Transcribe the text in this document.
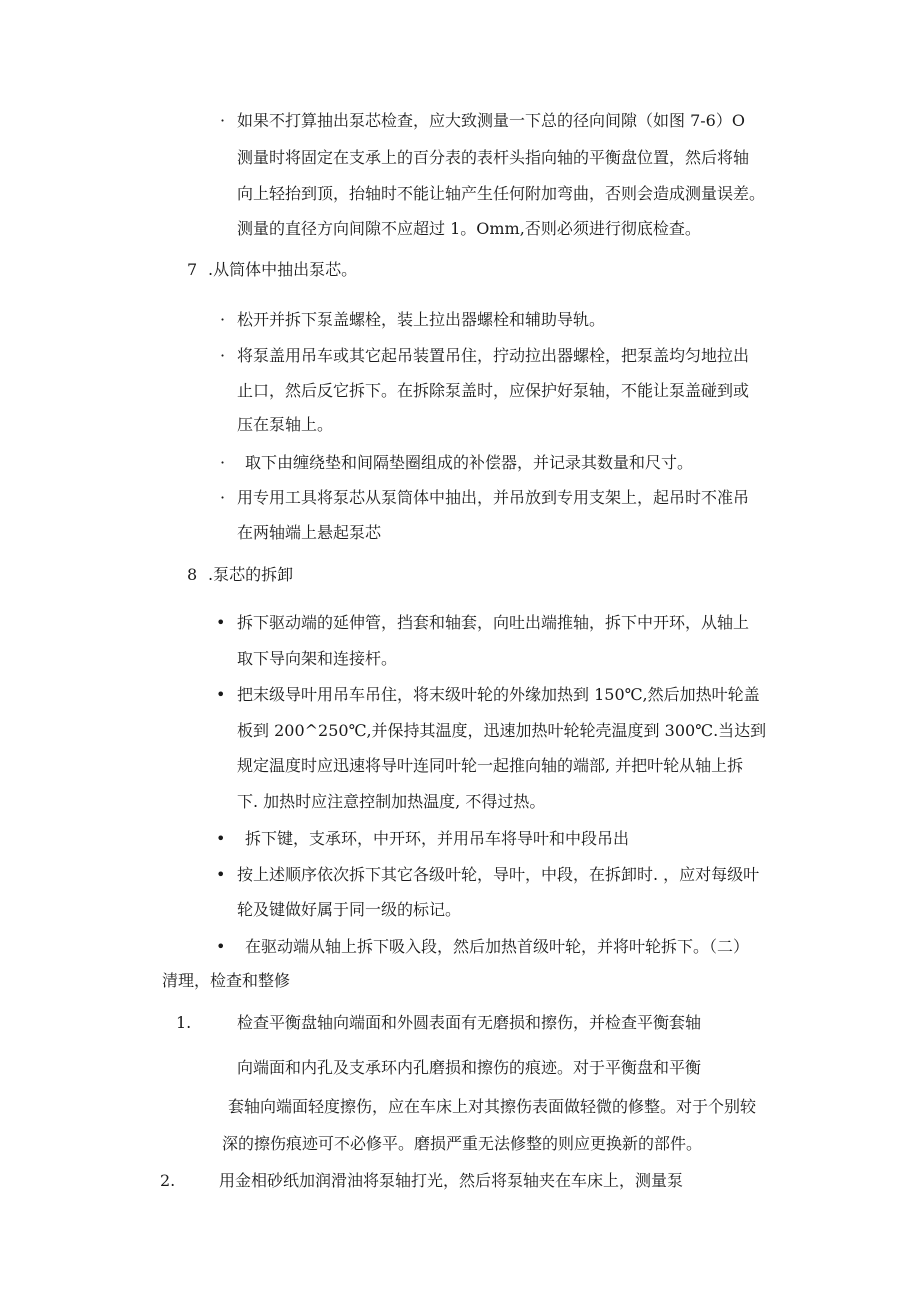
· 如果不打算抽出泵芯检查，应大致测量一下总的径向间隙（如图 7-6）O
测量时将固定在支承上的百分表的表杆头指向轴的平衡盘位置，然后将轴
向上轻抬到顶，抬轴时不能让轴产生任何附加弯曲，否则会造成测量误差。
测量的直径方向间隙不应超过 1。Omm,否则必须进行彻底检查。
7 .从筒体中抽出泵芯。
· 松开并拆下泵盖螺栓，装上拉出器螺栓和辅助导轨。
· 将泵盖用吊车或其它起吊装置吊住，拧动拉出器螺栓，把泵盖均匀地拉出
止口，然后反它拆下。在拆除泵盖时，应保护好泵轴，不能让泵盖碰到或
压在泵轴上。
· 取下由缠绕垫和间隔垫圈组成的补偿器，并记录其数量和尺寸。
· 用专用工具将泵芯从泵筒体中抽出，并吊放到专用支架上，起吊时不准吊
在两轴端上悬起泵芯
8 .泵芯的拆卸
• 拆下驱动端的延伸管，挡套和轴套，向吐出端推轴，拆下中开环，从轴上
取下导向架和连接杆。
• 把末级导叶用吊车吊住，将末级叶轮的外缘加热到 150℃,然后加热叶轮盖
板到 200^250℃,并保持其温度，迅速加热叶轮轮壳温度到 300℃.当达到
规定温度时应迅速将导叶连同叶轮一起推向轴的端部, 并把叶轮从轴上拆
下. 加热时应注意控制加热温度, 不得过热。
• 拆下键，支承环，中开环，并用吊车将导叶和中段吊出
• 按上述顺序依次拆下其它各级叶轮，导叶，中段，在拆卸时. ，应对每级叶
轮及键做好属于同一级的标记。
• 在驱动端从轴上拆下吸入段，然后加热首级叶轮，并将叶轮拆下。（二）
清理，检查和整修
1.	检查平衡盘轴向端面和外圆表面有无磨损和擦伤，并检查平衡套轴
向端面和内孔及支承环内孔磨损和擦伤的痕迹。对于平衡盘和平衡
套轴向端面轻度擦伤，应在车床上对其擦伤表面做轻微的修整。对于个别较
深的擦伤痕迹可不必修平。磨损严重无法修整的则应更换新的部件。
2.	用金相砂纸加润滑油将泵轴打光，然后将泵轴夹在车床上，测量泵
